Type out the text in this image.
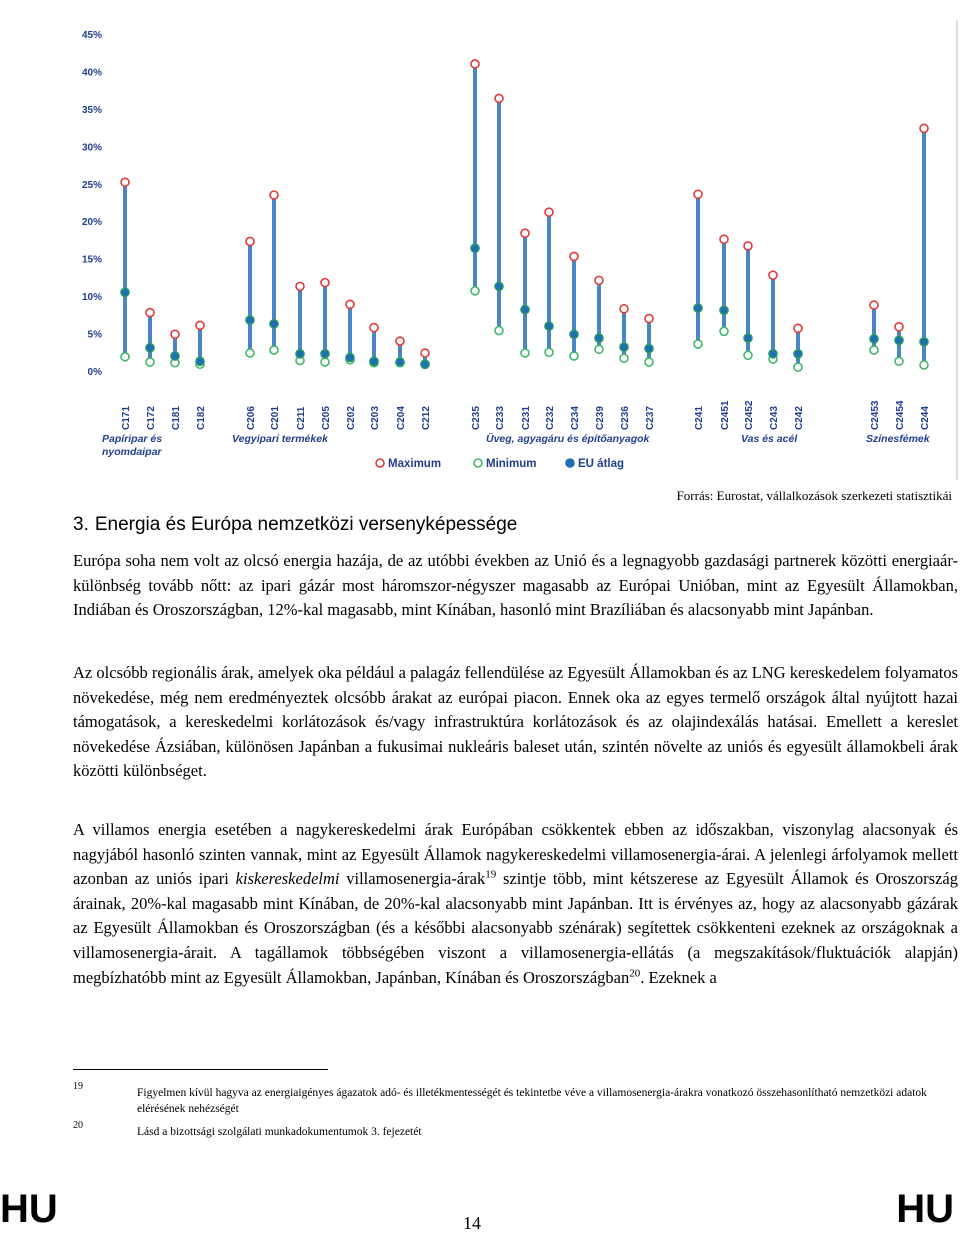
45%
40%
35%
30%
25%
20%
15%
10%
5%
0%
C171 C172 C181 C182	C206 C201 C211 C205 C202 C203 C204 C212	C235 C233 C231 C232 C234 C239 C236 C237	C241 C2451 C2452 C243 C242	C2453 C2454 C244
Papíripar és
nyomdaipar
Vegyipari termékek	Üveg, agyagáru és építőanyagok	Vas és acél	Színesfémek
Maximum	Minimum	EU átlag
Forrás: Eurostat, vállalkozások szerkezeti statisztikái
3. Energia és Európa nemzetközi versenyképessége

Európa soha nem volt az olcsó energia hazája, de az utóbbi években az Unió és a legnagyobb gazdasági partnerek közötti energiaár-különbség tovább nőtt: az ipari gázár most háromszor-négyszer magasabb az Európai Unióban, mint az Egyesült Államokban, Indiában és Oroszországban, 12%-kal magasabb, mint Kínában, hasonló mint Brazíliában és alacsonyabb mint Japánban.

Az olcsóbb regionális árak, amelyek oka például a palagáz fellendülése az Egyesült Államokban és az LNG kereskedelem folyamatos növekedése, még nem eredményeztek olcsóbb árakat az európai piacon. Ennek oka az egyes termelő országok által nyújtott hazai támogatások, a kereskedelmi korlátozások és/vagy infrastruktúra korlátozások és az olajindexálás hatásai. Emellett a kereslet növekedése Ázsiában, különösen Japánban a fukusimai nukleáris baleset után, szintén növelte az uniós és egyesült államokbeli árak közötti különbséget.

A villamos energia esetében a nagykereskedelmi árak Európában csökkentek ebben az időszakban, viszonylag alacsonyak és nagyjából hasonló szinten vannak, mint az Egyesült Államok nagykereskedelmi villamosenergia-árai. A jelenlegi árfolyamok mellett azonban az uniós ipari kiskereskedelmi villamosenergia-árak$^{19}$ szintje több, mint kétszerese az Egyesült Államok és Oroszország árainak, 20%-kal magasabb mint Kínában, de 20%-kal alacsonyabb mint Japánban. Itt is érvényes az, hogy az alacsonyabb gázárak az Egyesült Államokban és Oroszországban (és a későbbi alacsonyabb szénárak) segítettek csökkenteni ezeknek az országoknak a villamosenergia-árait. A tagállamok többségében viszont a villamosenergia-ellátás (a megszakítások/fluktuációk alapján) megbízhatóbb mint az Egyesült Államokban, Japánban, Kínában és Oroszországban$^{20}$. Ezeknek a

19
Figyelmen kívül hagyva az energiaigényes ágazatok adó- és illetékmentességét és tekintetbe véve a villamosenergia-árakra vonatkozó összehasonlítható nemzetközi adatok elérésének nehézségét
20
Lásd a bizottsági szolgálati munkadokumentumok 3. fejezetét
HU	14	HU
